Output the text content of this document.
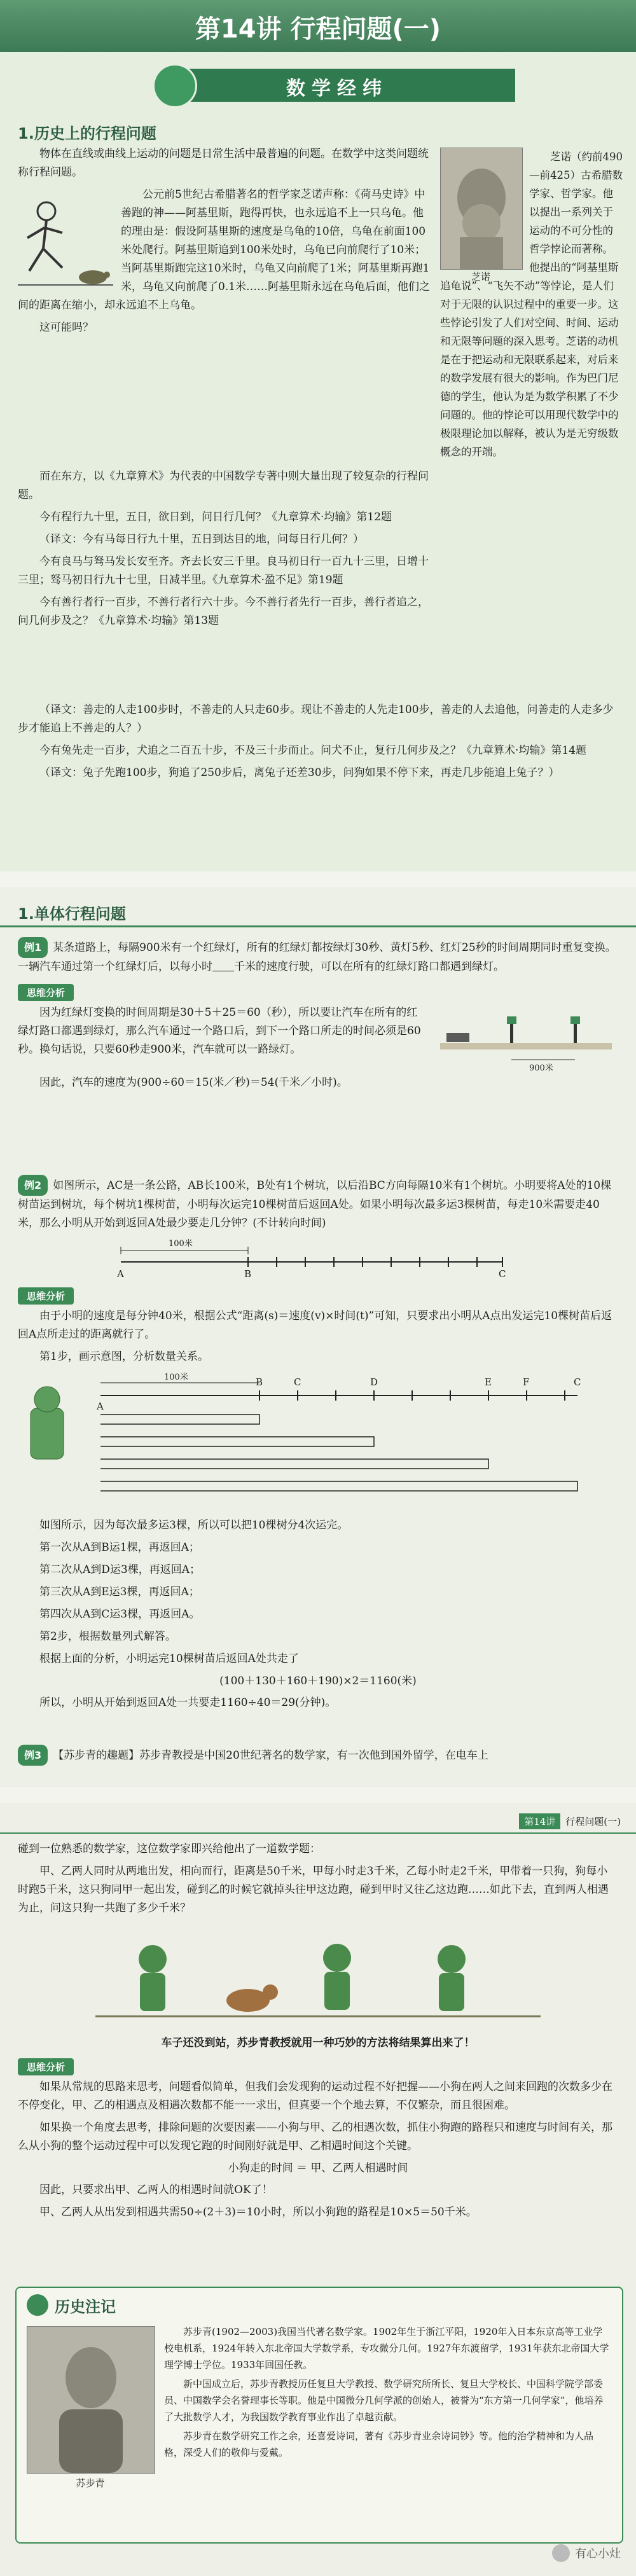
第14讲 行程问题(一)
数学经纬
1.历史上的行程问题

物体在直线或曲线上运动的问题是日常生活中最普遍的问题。在数学中这类问题统称行程问题。

公元前5世纪古希腊著名的哲学家芝诺声称：《荷马史诗》中善跑的神——阿基里斯，跑得再快，也永远追不上一只乌龟。他的理由是：假设阿基里斯的速度是乌龟的10倍，乌龟在前面100米处爬行。阿基里斯追到100米处时，乌龟已向前爬行了10米；当阿基里斯跑完这10米时，乌龟又向前爬了1米；阿基里斯再跑1米，乌龟又向前爬了0.1米……阿基里斯永远在乌龟后面，他们之间的距离在缩小，却永远追不上乌龟。

这可能吗？

芝诺

芝诺（约前490—前425）古希腊数学家、哲学家。他以提出一系列关于运动的不可分性的哲学悖论而著称。他提出的“阿基里斯追龟说”、“飞矢不动”等悖论，是人们对于无限的认识过程中的重要一步。这些悖论引发了人们对空间、时间、运动和无限等问题的深入思考。芝诺的动机是在于把运动和无限联系起来，对后来的数学发展有很大的影响。作为巴门尼德的学生，他认为是为数学积累了不少问题的。他的悖论可以用现代数学中的极限理论加以解释，被认为是无穷级数概念的开端。

而在东方，以《九章算术》为代表的中国数学专著中则大量出现了较复杂的行程问题。

今有程行九十里，五日，欲日到，问日行几何？《九章算术·均输》第12题

（译文：今有马每日行九十里，五日到达目的地，问每日行几何？）

今有良马与驽马发长安至齐。齐去长安三千里。良马初日行一百九十三里，日增十三里；驽马初日行九十七里，日减半里。《九章算术·盈不足》第19题

今有善行者行一百步，不善行者行六十步。今不善行者先行一百步，善行者追之，问几何步及之？《九章算术·均输》第13题

（译文：善走的人走100步时，不善走的人只走60步。现让不善走的人先走100步，善走的人去追他，问善走的人走多少步才能追上不善走的人？）

今有兔先走一百步，犬追之二百五十步，不及三十步而止。问犬不止，复行几何步及之？《九章算术·均输》第14题

（译文：兔子先跑100步，狗追了250步后，离兔子还差30步，问狗如果不停下来，再走几步能追上兔子？）

1.单体行程问题

例1 某条道路上，每隔900米有一个红绿灯，所有的红绿灯都按绿灯30秒、黄灯5秒、红灯25秒的时间周期同时重复变换。一辆汽车通过第一个红绿灯后，以每小时＿＿千米的速度行驶，可以在所有的红绿灯路口都遇到绿灯。

思维分析

因为红绿灯变换的时间周期是30＋5＋25＝60（秒），所以要让汽车在所有的红绿灯路口都遇到绿灯，那么汽车通过一个路口后，到下一个路口所走的时间必须是60秒。换句话说，只要60秒走900米，汽车就可以一路绿灯。

900米

因此，汽车的速度为(900÷60＝15(米／秒)＝54(千米／小时)。

例2 如图所示，AC是一条公路，AB长100米，B处有1个树坑，以后沿BC方向每隔10米有1个树坑。小明要将A处的10棵树苗运到树坑，每个树坑1棵树苗，小明每次运完10棵树苗后返回A处。如果小明每次最多运3棵树苗，每走10米需要走40米，那么小明从开始到返回A处最少要走几分钟？(不计转向时间)

100米
A	B	C
思维分析

由于小明的速度是每分钟40米，根据公式“距离(s)＝速度(v)×时间(t)”可知，只要求出小明从A点出发运完10棵树苗后返回A点所走过的距离就行了。

第1步，画示意图，分析数量关系。

100米
A
B	C	D	E	F	C

如图所示，因为每次最多运3棵，所以可以把10棵树分4次运完。

第一次从A到B运1棵，再返回A；

第二次从A到D运3棵，再返回A；

第三次从A到E运3棵，再返回A；

第四次从A到C运3棵，再返回A。

第2步，根据数量列式解答。

根据上面的分析，小明运完10棵树苗后返回A处共走了

(100＋130＋160＋190)×2＝1160(米)

所以，小明从开始到返回A处一共要走1160÷40＝29(分钟)。

例3 【苏步青的趣题】苏步青教授是中国20世纪著名的数学家，有一次他到国外留学，在电车上

第14讲	行程问题(一)

碰到一位熟悉的数学家，这位数学家即兴给他出了一道数学题：

甲、乙两人同时从两地出发，相向而行，距离是50千米，甲每小时走3千米，乙每小时走2千米，甲带着一只狗，狗每小时跑5千米，这只狗同甲一起出发，碰到乙的时候它就掉头往甲这边跑，碰到甲时又往乙这边跑……如此下去，直到两人相遇为止，问这只狗一共跑了多少千米？

车子还没到站，苏步青教授就用一种巧妙的方法将结果算出来了！
思维分析

如果从常规的思路来思考，问题看似简单，但我们会发现狗的运动过程不好把握——小狗在两人之间来回跑的次数多少在不停变化，甲、乙的相遇点及相遇次数都不能一一求出，但真要一个个地去算，不仅繁杂，而且很困难。

如果换一个角度去思考，排除问题的次要因素——小狗与甲、乙的相遇次数，抓住小狗跑的路程只和速度与时间有关，那么从小狗的整个运动过程中可以发现它跑的时间刚好就是甲、乙相遇时间这个关键。

小狗走的时间 ＝ 甲、乙两人相遇时间

因此，只要求出甲、乙两人的相遇时间就OK了！

甲、乙两人从出发到相遇共需50÷(2＋3)＝10小时，所以小狗跑的路程是10×5＝50千米。

历史注记
苏步青

苏步青(1902—2003)我国当代著名数学家。1902年生于浙江平阳，1920年入日本东京高等工业学校电机系，1924年转入东北帝国大学数学系，专攻微分几何。1927年东渡留学，1931年获东北帝国大学理学博士学位。1933年回国任教。

新中国成立后，苏步青教授历任复旦大学教授、数学研究所所长、复旦大学校长、中国科学院学部委员、中国数学会名誉理事长等职。他是中国微分几何学派的创始人，被誉为“东方第一几何学家”，他培养了大批数学人才，为我国数学教育事业作出了卓越贡献。

苏步青在数学研究工作之余，还喜爱诗词，著有《苏步青业余诗词钞》等。他的治学精神和为人品格，深受人们的敬仰与爱戴。

有心小灶
